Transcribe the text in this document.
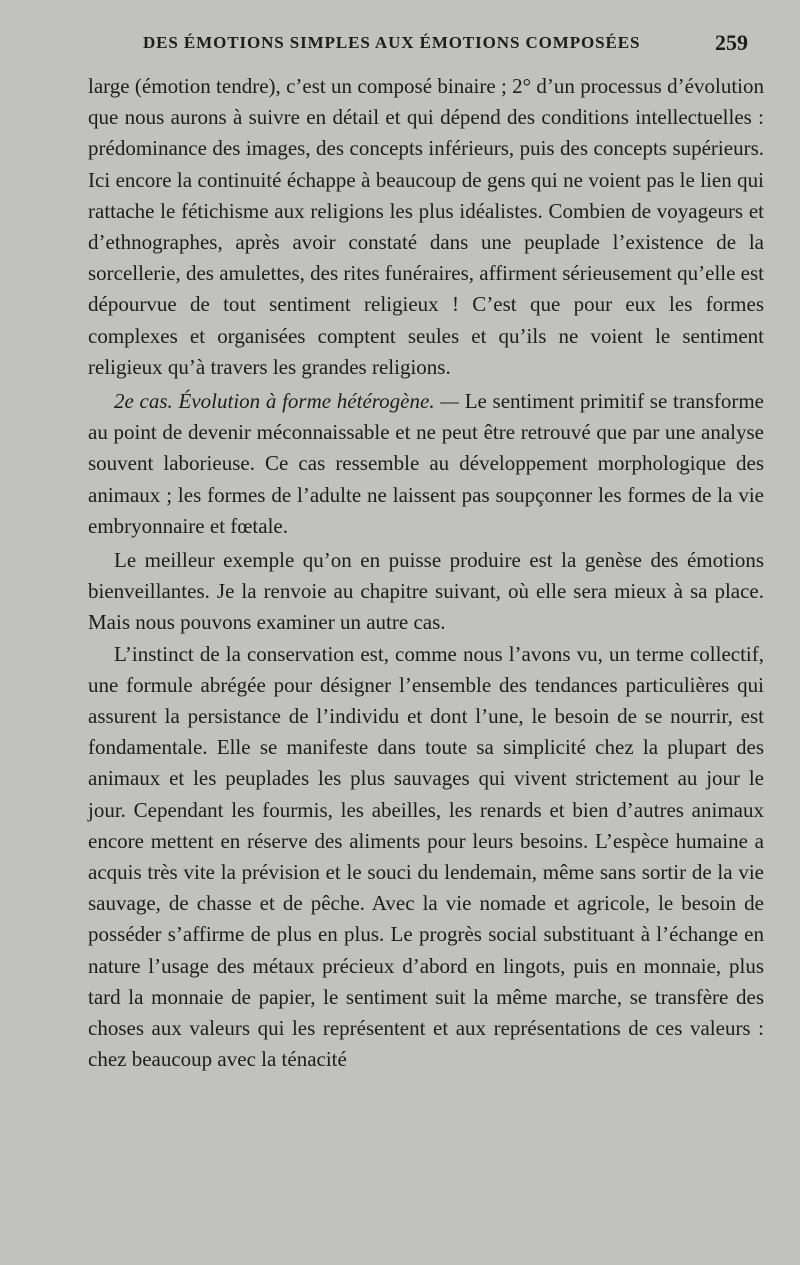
DES ÉMOTIONS SIMPLES AUX ÉMOTIONS COMPOSÉES	259

large (émotion tendre), c’est un composé binaire ; 2° d’un processus d’évolution que nous aurons à suivre en détail et qui dépend des conditions intellectuelles : prédominance des images, des concepts inférieurs, puis des concepts supérieurs. Ici encore la continuité échappe à beaucoup de gens qui ne voient pas le lien qui rattache le fétichisme aux religions les plus idéalistes. Combien de voyageurs et d’ethnographes, après avoir constaté dans une peuplade l’existence de la sorcellerie, des amulettes, des rites funéraires, affirment sérieusement qu’elle est dépourvue de tout sentiment religieux ! C’est que pour eux les formes complexes et organisées comptent seules et qu’ils ne voient le sentiment religieux qu’à travers les grandes religions.

2e cas. Évolution à forme hétérogène. — Le sentiment primitif se transforme au point de devenir méconnaissable et ne peut être retrouvé que par une analyse souvent laborieuse. Ce cas ressemble au développement morphologique des animaux ; les formes de l’adulte ne laissent pas soupçonner les formes de la vie embryonnaire et fœtale.

Le meilleur exemple qu’on en puisse produire est la genèse des émotions bienveillantes. Je la renvoie au chapitre suivant, où elle sera mieux à sa place. Mais nous pouvons examiner un autre cas.

L’instinct de la conservation est, comme nous l’avons vu, un terme collectif, une formule abrégée pour désigner l’ensemble des tendances particulières qui assurent la persistance de l’individu et dont l’une, le besoin de se nourrir, est fondamentale. Elle se manifeste dans toute sa simplicité chez la plupart des animaux et les peuplades les plus sauvages qui vivent strictement au jour le jour. Cependant les fourmis, les abeilles, les renards et bien d’autres animaux encore mettent en réserve des aliments pour leurs besoins. L’espèce humaine a acquis très vite la prévision et le souci du lendemain, même sans sortir de la vie sauvage, de chasse et de pêche. Avec la vie nomade et agricole, le besoin de posséder s’affirme de plus en plus. Le progrès social substituant à l’échange en nature l’usage des métaux précieux d’abord en lingots, puis en monnaie, plus tard la monnaie de papier, le sentiment suit la même marche, se transfère des choses aux valeurs qui les représentent et aux représentations de ces valeurs : chez beaucoup avec la ténacité
